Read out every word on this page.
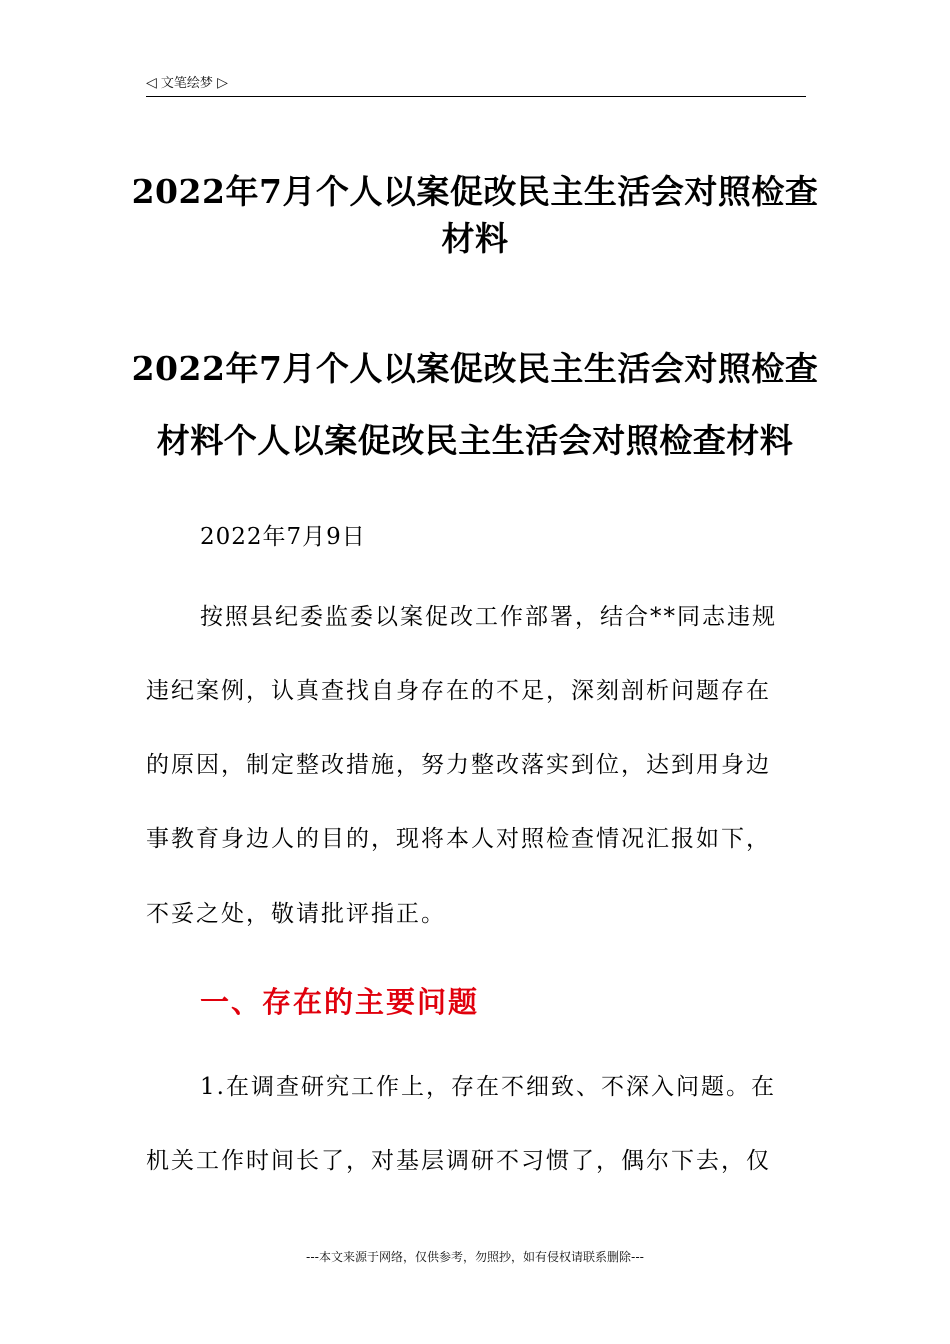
◁ 文笔绘梦 ▷
2022年7月个人以案促改民主生活会对照检查
材料
2022年7月个人以案促改民主生活会对照检查
材料个人以案促改民主生活会对照检查材料
2022年7月9日
按照县纪委监委以案促改工作部署，结合**同志违规
违纪案例，认真查找自身存在的不足，深刻剖析问题存在
的原因，制定整改措施，努力整改落实到位，达到用身边
事教育身边人的目的，现将本人对照检查情况汇报如下，
不妥之处，敬请批评指正。
一、存在的主要问题
1.在调查研究工作上，存在不细致、不深入问题。在
机关工作时间长了，对基层调研不习惯了，偶尔下去，仅
---本文来源于网络，仅供参考，勿照抄，如有侵权请联系删除---
